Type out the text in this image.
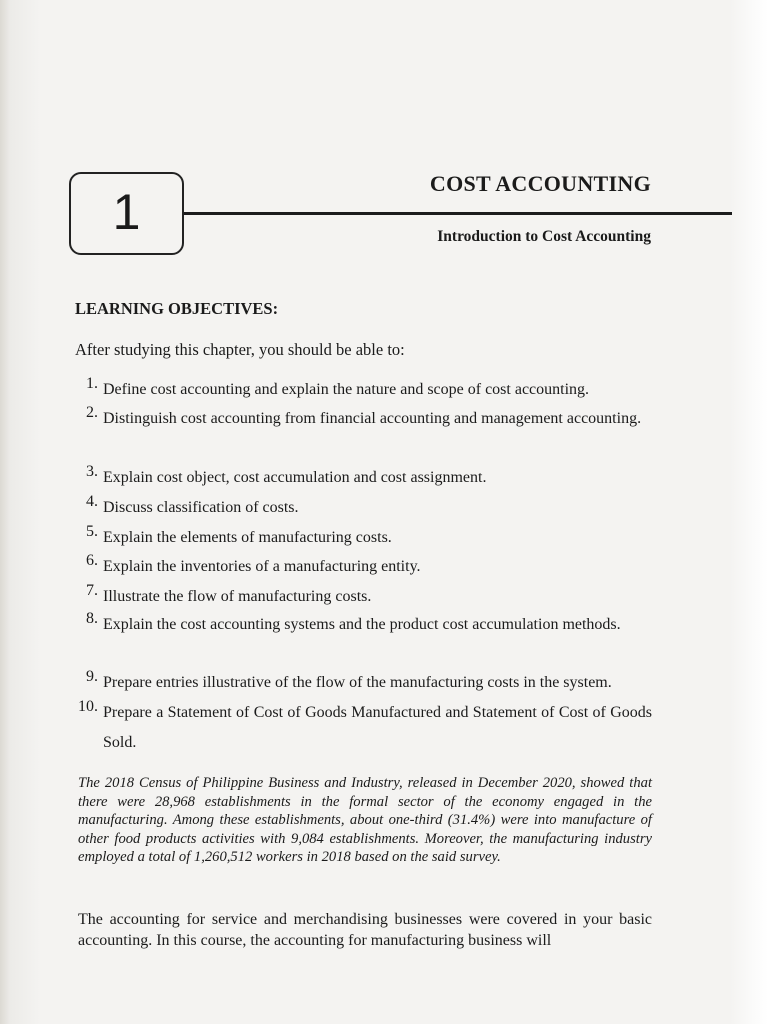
1
COST ACCOUNTING
Introduction to Cost Accounting
LEARNING OBJECTIVES:
After studying this chapter, you should be able to:
1. Define cost accounting and explain the nature and scope of cost accounting.
2. Distinguish cost accounting from financial accounting and management accounting.
3. Explain cost object, cost accumulation and cost assignment.
4. Discuss classification of costs.
5. Explain the elements of manufacturing costs.
6. Explain the inventories of a manufacturing entity.
7. Illustrate the flow of manufacturing costs.
8. Explain the cost accounting systems and the product cost accumulation methods.
9. Prepare entries illustrative of the flow of the manufacturing costs in the system.
10. Prepare a Statement of Cost of Goods Manufactured and Statement of Cost of Goods Sold.
The 2018 Census of Philippine Business and Industry, released in December 2020, showed that there were 28,968 establishments in the formal sector of the economy engaged in the manufacturing. Among these establishments, about one-third (31.4%) were into manufacture of other food products activities with 9,084 establishments. Moreover, the manufacturing industry employed a total of 1,260,512 workers in 2018 based on the said survey.
The accounting for service and merchandising businesses were covered in your basic accounting. In this course, the accounting for manufacturing business will
